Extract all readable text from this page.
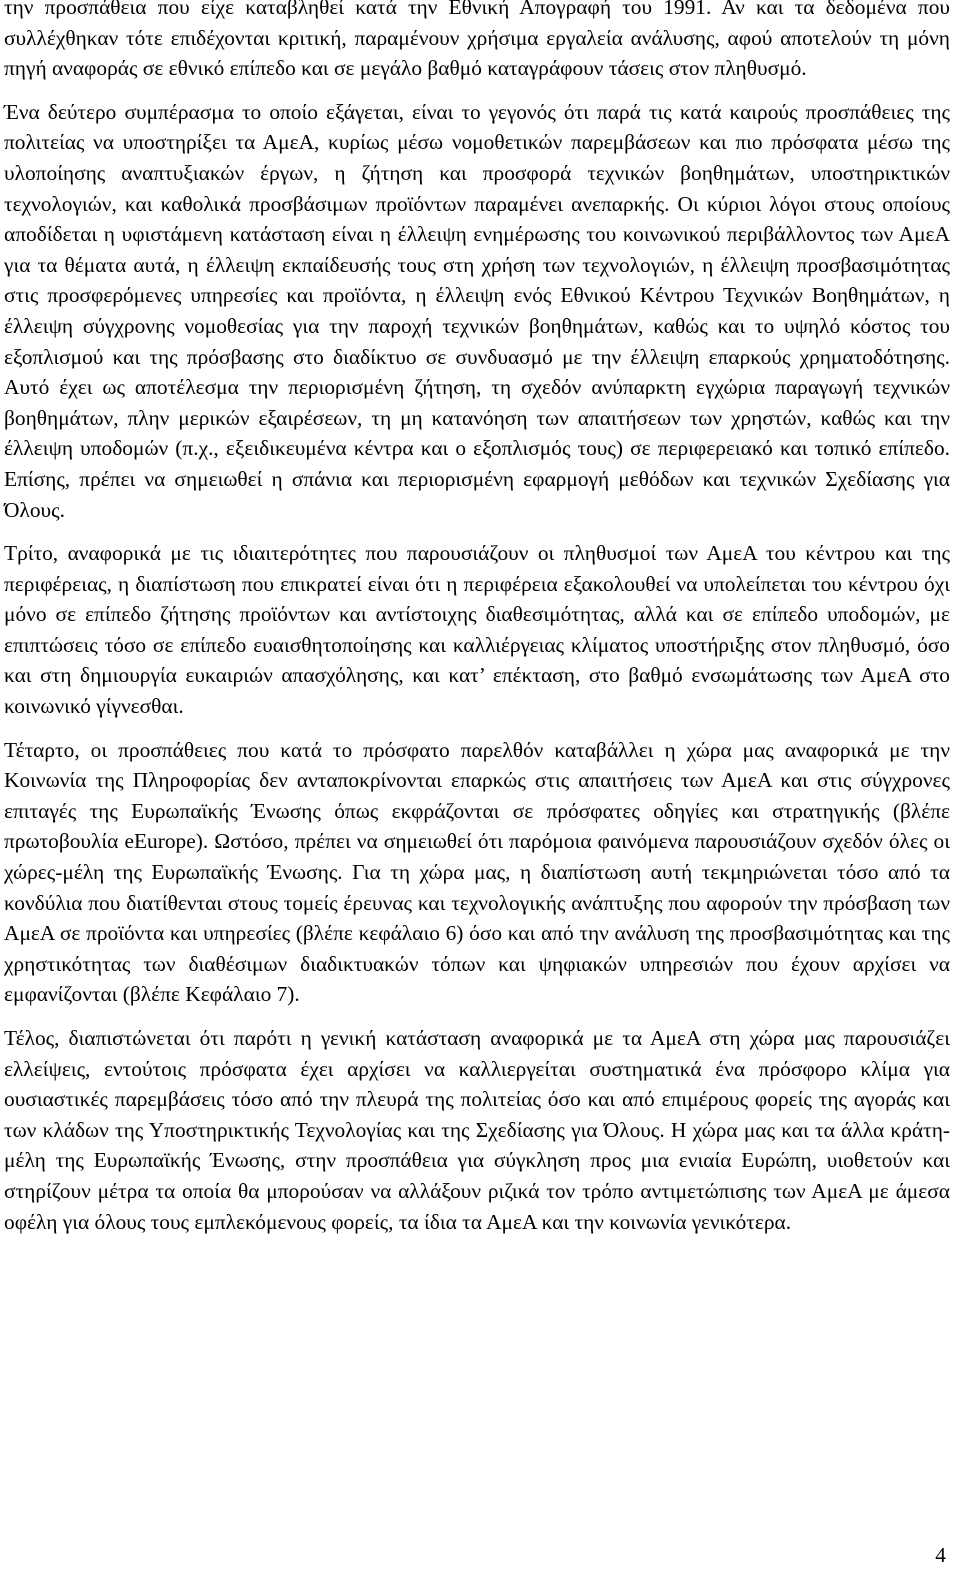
την προσπάθεια που είχε καταβληθεί κατά την Εθνική Απογραφή του 1991. Αν και τα δεδομένα που συλλέχθηκαν τότε επιδέχονται κριτική, παραμένουν χρήσιμα εργαλεία ανάλυσης, αφού αποτελούν τη μόνη πηγή αναφοράς σε εθνικό επίπεδο και σε μεγάλο βαθμό καταγράφουν τάσεις στον πληθυσμό.

Ένα δεύτερο συμπέρασμα το οποίο εξάγεται, είναι το γεγονός ότι παρά τις κατά καιρούς προσπάθειες της πολιτείας να υποστηρίξει τα ΑμεΑ, κυρίως μέσω νομοθετικών παρεμβάσεων και πιο πρόσφατα μέσω της υλοποίησης αναπτυξιακών έργων, η ζήτηση και προσφορά τεχνικών βοηθημάτων, υποστηρικτικών τεχνολογιών, και καθολικά προσβάσιμων προϊόντων παραμένει ανεπαρκής. Οι κύριοι λόγοι στους οποίους αποδίδεται η υφιστάμενη κατάσταση είναι η έλλειψη ενημέρωσης του κοινωνικού περιβάλλοντος των ΑμεΑ για τα θέματα αυτά, η έλλειψη εκπαίδευσής τους στη χρήση των τεχνολογιών, η έλλειψη προσβασιμότητας στις προσφερόμενες υπηρεσίες και προϊόντα, η έλλειψη ενός Εθνικού Κέντρου Τεχνικών Βοηθημάτων, η έλλειψη σύγχρονης νομοθεσίας για την παροχή τεχνικών βοηθημάτων, καθώς και το υψηλό κόστος του εξοπλισμού και της πρόσβασης στο διαδίκτυο σε συνδυασμό με την έλλειψη επαρκούς χρηματοδότησης. Αυτό έχει ως αποτέλεσμα την περιορισμένη ζήτηση, τη σχεδόν ανύπαρκτη εγχώρια παραγωγή τεχνικών βοηθημάτων, πλην μερικών εξαιρέσεων, τη μη κατανόηση των απαιτήσεων των χρηστών, καθώς και την έλλειψη υποδομών (π.χ., εξειδικευμένα κέντρα και ο εξοπλισμός τους) σε περιφερειακό και τοπικό επίπεδο. Επίσης, πρέπει να σημειωθεί η σπάνια και περιορισμένη εφαρμογή μεθόδων και τεχνικών Σχεδίασης για Όλους.

Τρίτο, αναφορικά με τις ιδιαιτερότητες που παρουσιάζουν οι πληθυσμοί των ΑμεΑ του κέντρου και της περιφέρειας, η διαπίστωση που επικρατεί είναι ότι η περιφέρεια εξακολουθεί να υπολείπεται του κέντρου όχι μόνο σε επίπεδο ζήτησης προϊόντων και αντίστοιχης διαθεσιμότητας, αλλά και σε επίπεδο υποδομών, με επιπτώσεις τόσο σε επίπεδο ευαισθητοποίησης και καλλιέργειας κλίματος υποστήριξης στον πληθυσμό, όσο και στη δημιουργία ευκαιριών απασχόλησης, και κατ’ επέκταση, στο βαθμό ενσωμάτωσης των ΑμεΑ στο κοινωνικό γίγνεσθαι.

Τέταρτο, οι προσπάθειες που κατά το πρόσφατο παρελθόν καταβάλλει η χώρα μας αναφορικά με την Κοινωνία της Πληροφορίας δεν ανταποκρίνονται επαρκώς στις απαιτήσεις των ΑμεΑ και στις σύγχρονες επιταγές της Ευρωπαϊκής Ένωσης όπως εκφράζονται σε πρόσφατες οδηγίες και στρατηγικής (βλέπε πρωτοβουλία eEurope). Ωστόσο, πρέπει να σημειωθεί ότι παρόμοια φαινόμενα παρουσιάζουν σχεδόν όλες οι χώρες-μέλη της Ευρωπαϊκής Ένωσης. Για τη χώρα μας, η διαπίστωση αυτή τεκμηριώνεται τόσο από τα κονδύλια που διατίθενται στους τομείς έρευνας και τεχνολογικής ανάπτυξης που αφορούν την πρόσβαση των ΑμεΑ σε προϊόντα και υπηρεσίες (βλέπε κεφάλαιο 6) όσο και από την ανάλυση της προσβασιμότητας και της χρηστικότητας των διαθέσιμων διαδικτυακών τόπων και ψηφιακών υπηρεσιών που έχουν αρχίσει να εμφανίζονται (βλέπε Κεφάλαιο 7).

Τέλος, διαπιστώνεται ότι παρότι η γενική κατάσταση αναφορικά με τα ΑμεΑ στη χώρα μας παρουσιάζει ελλείψεις, εντούτοις πρόσφατα έχει αρχίσει να καλλιεργείται συστηματικά ένα πρόσφορο κλίμα για ουσιαστικές παρεμβάσεις τόσο από την πλευρά της πολιτείας όσο και από επιμέρους φορείς της αγοράς και των κλάδων της Υποστηρικτικής Τεχνολογίας και της Σχεδίασης για Όλους. Η χώρα μας και τα άλλα κράτη-μέλη της Ευρωπαϊκής Ένωσης, στην προσπάθεια για σύγκληση προς μια ενιαία Ευρώπη, υιοθετούν και στηρίζουν μέτρα τα οποία θα μπορούσαν να αλλάξουν ριζικά τον τρόπο αντιμετώπισης των ΑμεΑ με άμεσα οφέλη για όλους τους εμπλεκόμενους φορείς, τα ίδια τα ΑμεΑ και την κοινωνία γενικότερα.

4
